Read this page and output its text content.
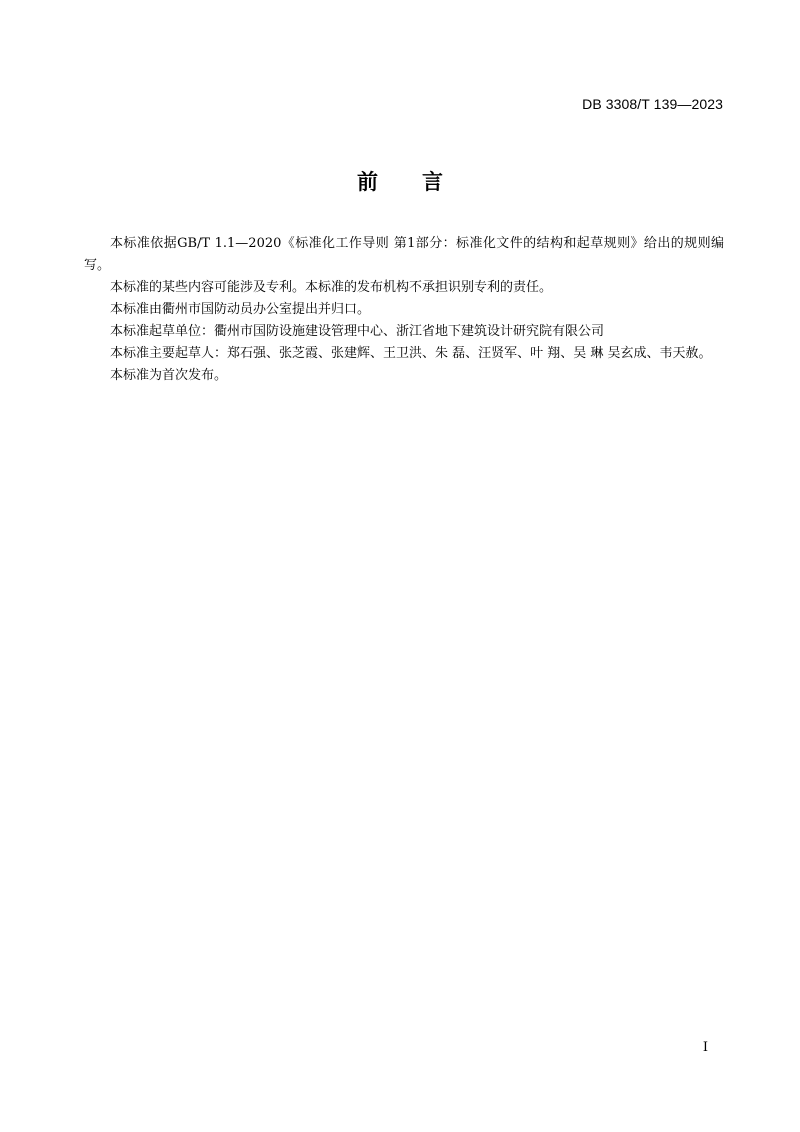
DB 3308/T 139—2023
前 言

本标准依据GB/T 1.1—2020《标准化工作导则 第1部分：标准化文件的结构和起草规则》给出的规则编写。

本标准的某些内容可能涉及专利。本标准的发布机构不承担识别专利的责任。

本标准由衢州市国防动员办公室提出并归口。

本标准起草单位：衢州市国防设施建设管理中心、浙江省地下建筑设计研究院有限公司

本标准主要起草人：郑石强、张芝霞、张建辉、王卫洪、朱 磊、汪贤军、叶 翔、吴 琳 吴玄成、韦天赦。

本标准为首次发布。

I
